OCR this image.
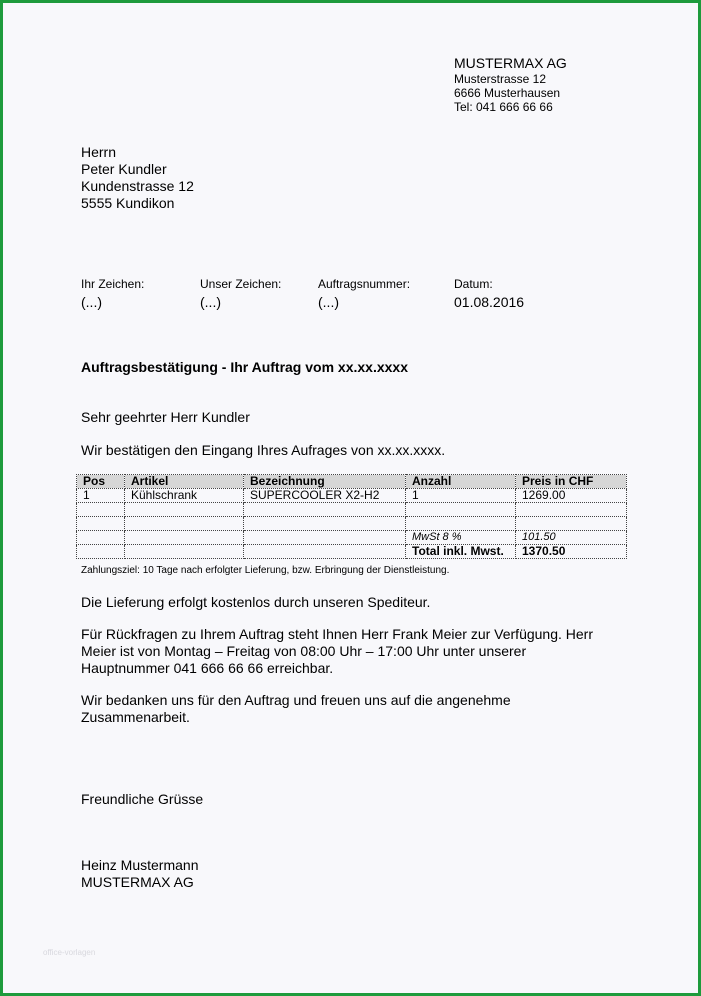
MUSTERMAX AG
Musterstrasse 12
6666 Musterhausen
Tel: 041 666 66 66
Herrn
Peter Kundler
Kundenstrasse 12
5555 Kundikon
Ihr Zeichen:
(...)
Unser Zeichen:
(...)
Auftragsnummer:
(...)
Datum:
01.08.2016
Auftragsbestätigung - Ihr Auftrag vom xx.xx.xxxx
Sehr geehrter Herr Kundler
Wir bestätigen den Eingang Ihres Aufrages von xx.xx.xxxx.
Pos	Artikel	Bezeichnung	Anzahl	Preis in CHF
1	Kühlschrank	SUPERCOOLER X2-H2	1	1269.00

			MwSt 8 %	101.50
			Total inkl. Mwst.	1370.50
Zahlungsziel: 10 Tage nach erfolgter Lieferung, bzw. Erbringung der Dienstleistung.
Die Lieferung erfolgt kostenlos durch unseren Spediteur.
Für Rückfragen zu Ihrem Auftrag steht Ihnen Herr Frank Meier zur Verfügung. Herr
Meier ist von Montag – Freitag von 08:00 Uhr – 17:00 Uhr unter unserer
Hauptnummer 041 666 66 66 erreichbar.
Wir bedanken uns für den Auftrag und freuen uns auf die angenehme
Zusammenarbeit.
Freundliche Grüsse
Heinz Mustermann
MUSTERMAX AG
office-vorlagen
